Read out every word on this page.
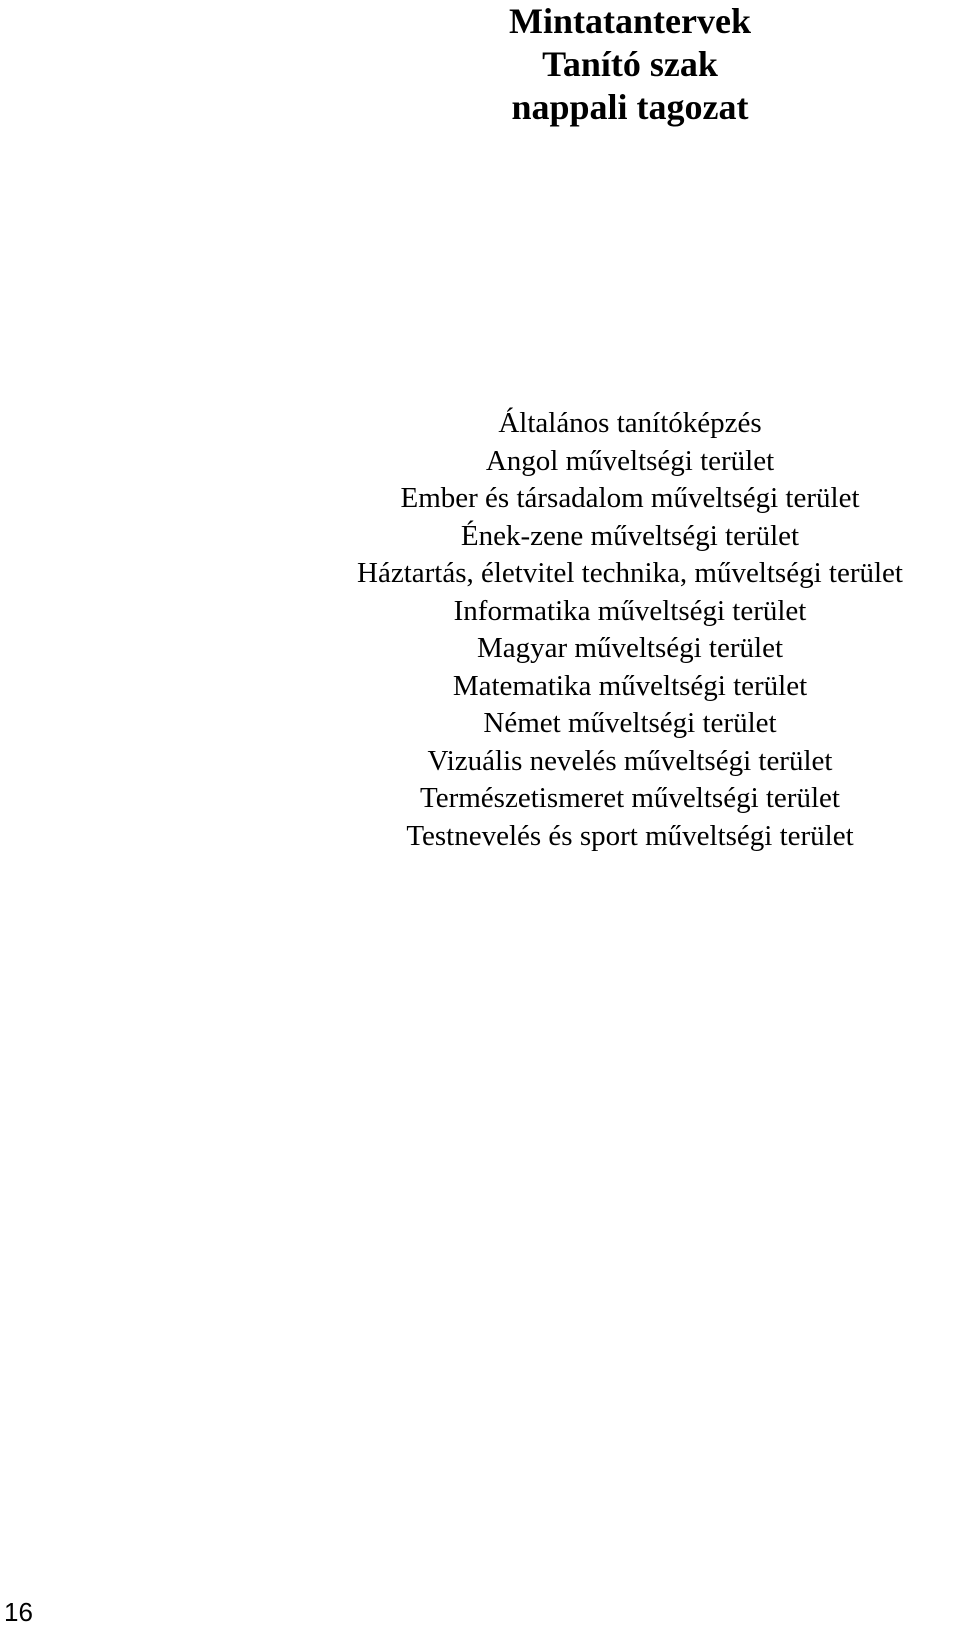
Mintatantervek
Tanító szak
nappali tagozat
Általános tanítóképzés
Angol műveltségi terület
Ember és társadalom műveltségi terület
Ének-zene műveltségi terület
Háztartás, életvitel technika, műveltségi terület
Informatika műveltségi terület
Magyar műveltségi terület
Matematika műveltségi terület
Német műveltségi terület
Vizuális nevelés műveltségi terület
Természetismeret műveltségi terület
Testnevelés és sport műveltségi terület
16
